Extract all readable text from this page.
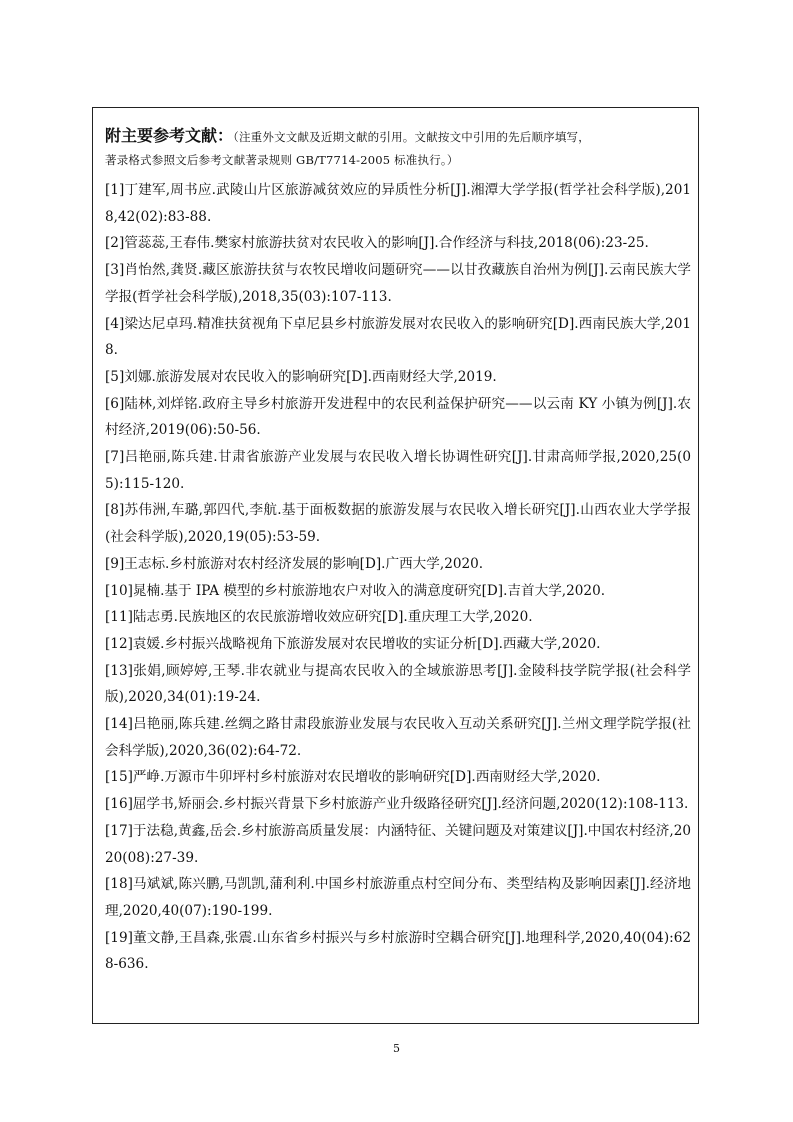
附主要参考文献：（注重外文文献及近期文献的引用。文献按文中引用的先后顺序填写，
著录格式参照文后参考文献著录规则 GB/T7714-2005 标准执行。）
[1]丁建军,周书应.武陵山片区旅游减贫效应的异质性分析[J].湘潭大学学报(哲学社会科学版),2018,42(02):83-88.
[2]管蕊蕊,王春伟.樊家村旅游扶贫对农民收入的影响[J].合作经济与科技,2018(06):23-25.
[3]肖怡然,龚贤.藏区旅游扶贫与农牧民增收问题研究——以甘孜藏族自治州为例[J].云南民族大学学报(哲学社会科学版),2018,35(03):107-113.
[4]梁达尼卓玛.精准扶贫视角下卓尼县乡村旅游发展对农民收入的影响研究[D].西南民族大学,2018.
[5]刘娜.旅游发展对农民收入的影响研究[D].西南财经大学,2019.
[6]陆林,刘烊铭.政府主导乡村旅游开发进程中的农民利益保护研究——以云南 KY 小镇为例[J].农村经济,2019(06):50-56.
[7]吕艳丽,陈兵建.甘肃省旅游产业发展与农民收入增长协调性研究[J].甘肃高师学报,2020,25(05):115-120.
[8]苏伟洲,车璐,郭四代,李航.基于面板数据的旅游发展与农民收入增长研究[J].山西农业大学学报(社会科学版),2020,19(05):53-59.
[9]王志标.乡村旅游对农村经济发展的影响[D].广西大学,2020.
[10]晁楠.基于 IPA 模型的乡村旅游地农户对收入的满意度研究[D].吉首大学,2020.
[11]陆志勇.民族地区的农民旅游增收效应研究[D].重庆理工大学,2020.
[12]袁媛.乡村振兴战略视角下旅游发展对农民增收的实证分析[D].西藏大学,2020.
[13]张娟,顾婷婷,王琴.非农就业与提高农民收入的全域旅游思考[J].金陵科技学院学报(社会科学版),2020,34(01):19-24.
[14]吕艳丽,陈兵建.丝绸之路甘肃段旅游业发展与农民收入互动关系研究[J].兰州文理学院学报(社会科学版),2020,36(02):64-72.
[15]严峥.万源市牛卯坪村乡村旅游对农民增收的影响研究[D].西南财经大学,2020.
[16]屈学书,矫丽会.乡村振兴背景下乡村旅游产业升级路径研究[J].经济问题,2020(12):108-113.
[17]于法稳,黄鑫,岳会.乡村旅游高质量发展：内涵特征、关键问题及对策建议[J].中国农村经济,2020(08):27-39.
[18]马斌斌,陈兴鹏,马凯凯,蒲利利.中国乡村旅游重点村空间分布、类型结构及影响因素[J].经济地理,2020,40(07):190-199.
[19]董文静,王昌森,张震.山东省乡村振兴与乡村旅游时空耦合研究[J].地理科学,2020,40(04):628-636.
5
